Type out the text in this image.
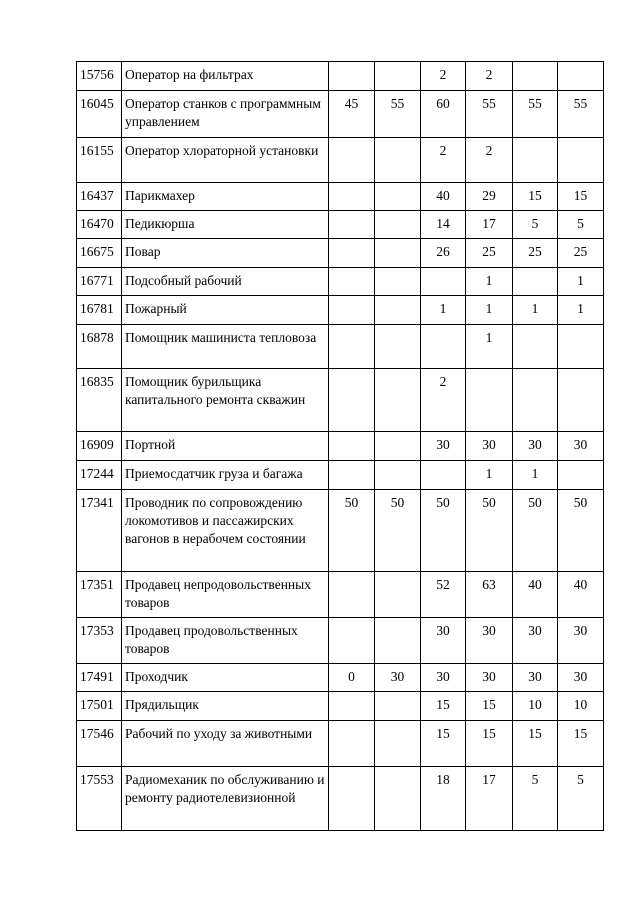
15756	Оператор на фильтрах			2	2		
16045	Оператор станков с программным управлением	45	55	60	55	55	55
16155	Оператор хлораторной установки			2	2		
16437	Парикмахер			40	29	15	15
16470	Педикюрша			14	17	5	5
16675	Повар			26	25	25	25
16771	Подсобный рабочий				1		1
16781	Пожарный			1	1	1	1
16878	Помощник машиниста тепловоза				1		
16835	Помощник бурильщика капитального ремонта скважин			2			
16909	Портной			30	30	30	30
17244	Приемосдатчик груза и багажа				1	1	
17341	Проводник по сопровождению локомотивов и пассажирских вагонов в нерабочем состоянии	50	50	50	50	50	50
17351	Продавец непродовольственных товаров			52	63	40	40
17353	Продавец продовольственных товаров			30	30	30	30
17491	Проходчик	0	30	30	30	30	30
17501	Прядильщик			15	15	10	10
17546	Рабочий по уходу за животными			15	15	15	15
17553	Радиомеханик по обслуживанию и ремонту радиотелевизионной			18	17	5	5
